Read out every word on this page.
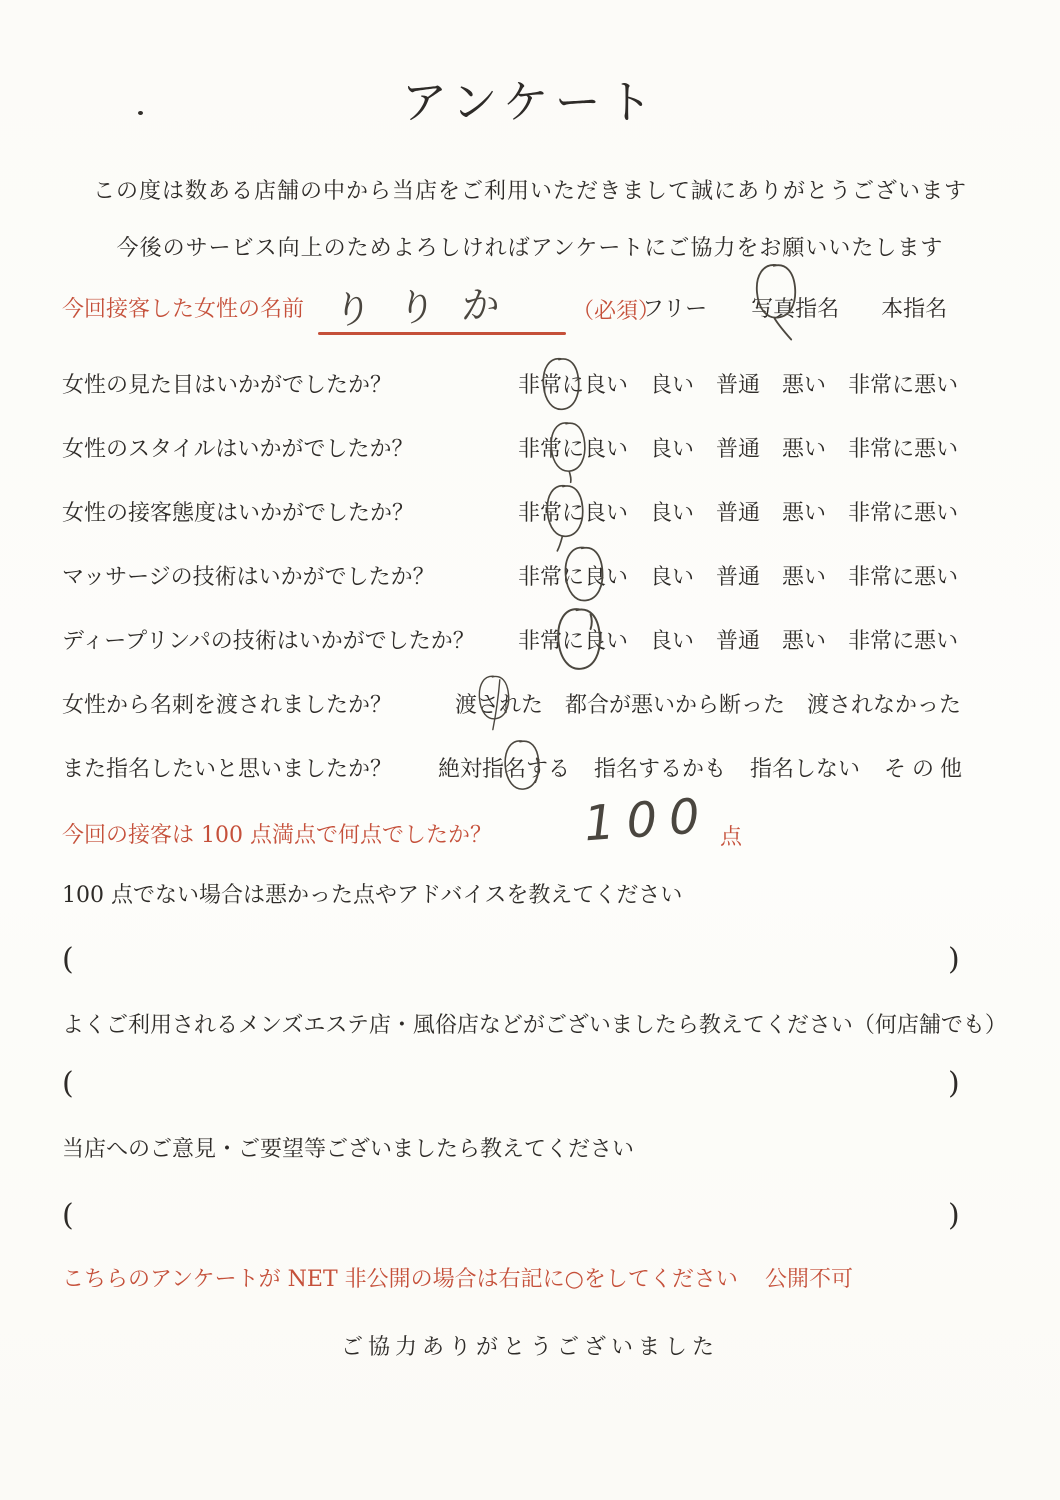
アンケート
この度は数ある店舗の中から当店をご利用いただきまして誠にありがとうございます
今後のサービス向上のためよろしければアンケートにご協力をお願いいたします
今回接客した女性の名前	（必須）
フリー 写真指名 本指名
りりか
女性の見た目はいかがでしたか？	非常に良い 良い 普通 悪い 非常に悪い
女性のスタイルはいかがでしたか？	非常に良い 良い 普通 悪い 非常に悪い
女性の接客態度はいかがでしたか？	非常に良い 良い 普通 悪い 非常に悪い
マッサージの技術はいかがでしたか？	非常に良い 良い 普通 悪い 非常に悪い
ディープリンパの技術はいかがでしたか？ 非常に良い 良い 普通 悪い 非常に悪い
女性から名刺を渡されましたか？	渡された 都合が悪いから断った 渡されなかった
また指名したいと思いましたか？ 絶対指名する 指名するかも 指名しない その他
今回の接客は 100 点満点で何点でしたか？	点
100
100 点でない場合は悪かった点やアドバイスを教えてください
(	)
よくご利用されるメンズエステ店・風俗店などがございましたら教えてください（何店舗でも）
(	)
当店へのご意見・ご要望等ございましたら教えてください
(	)
こちらのアンケートが NET 非公開の場合は右記に○をしてください 公開不可
ご協力ありがとうございました
